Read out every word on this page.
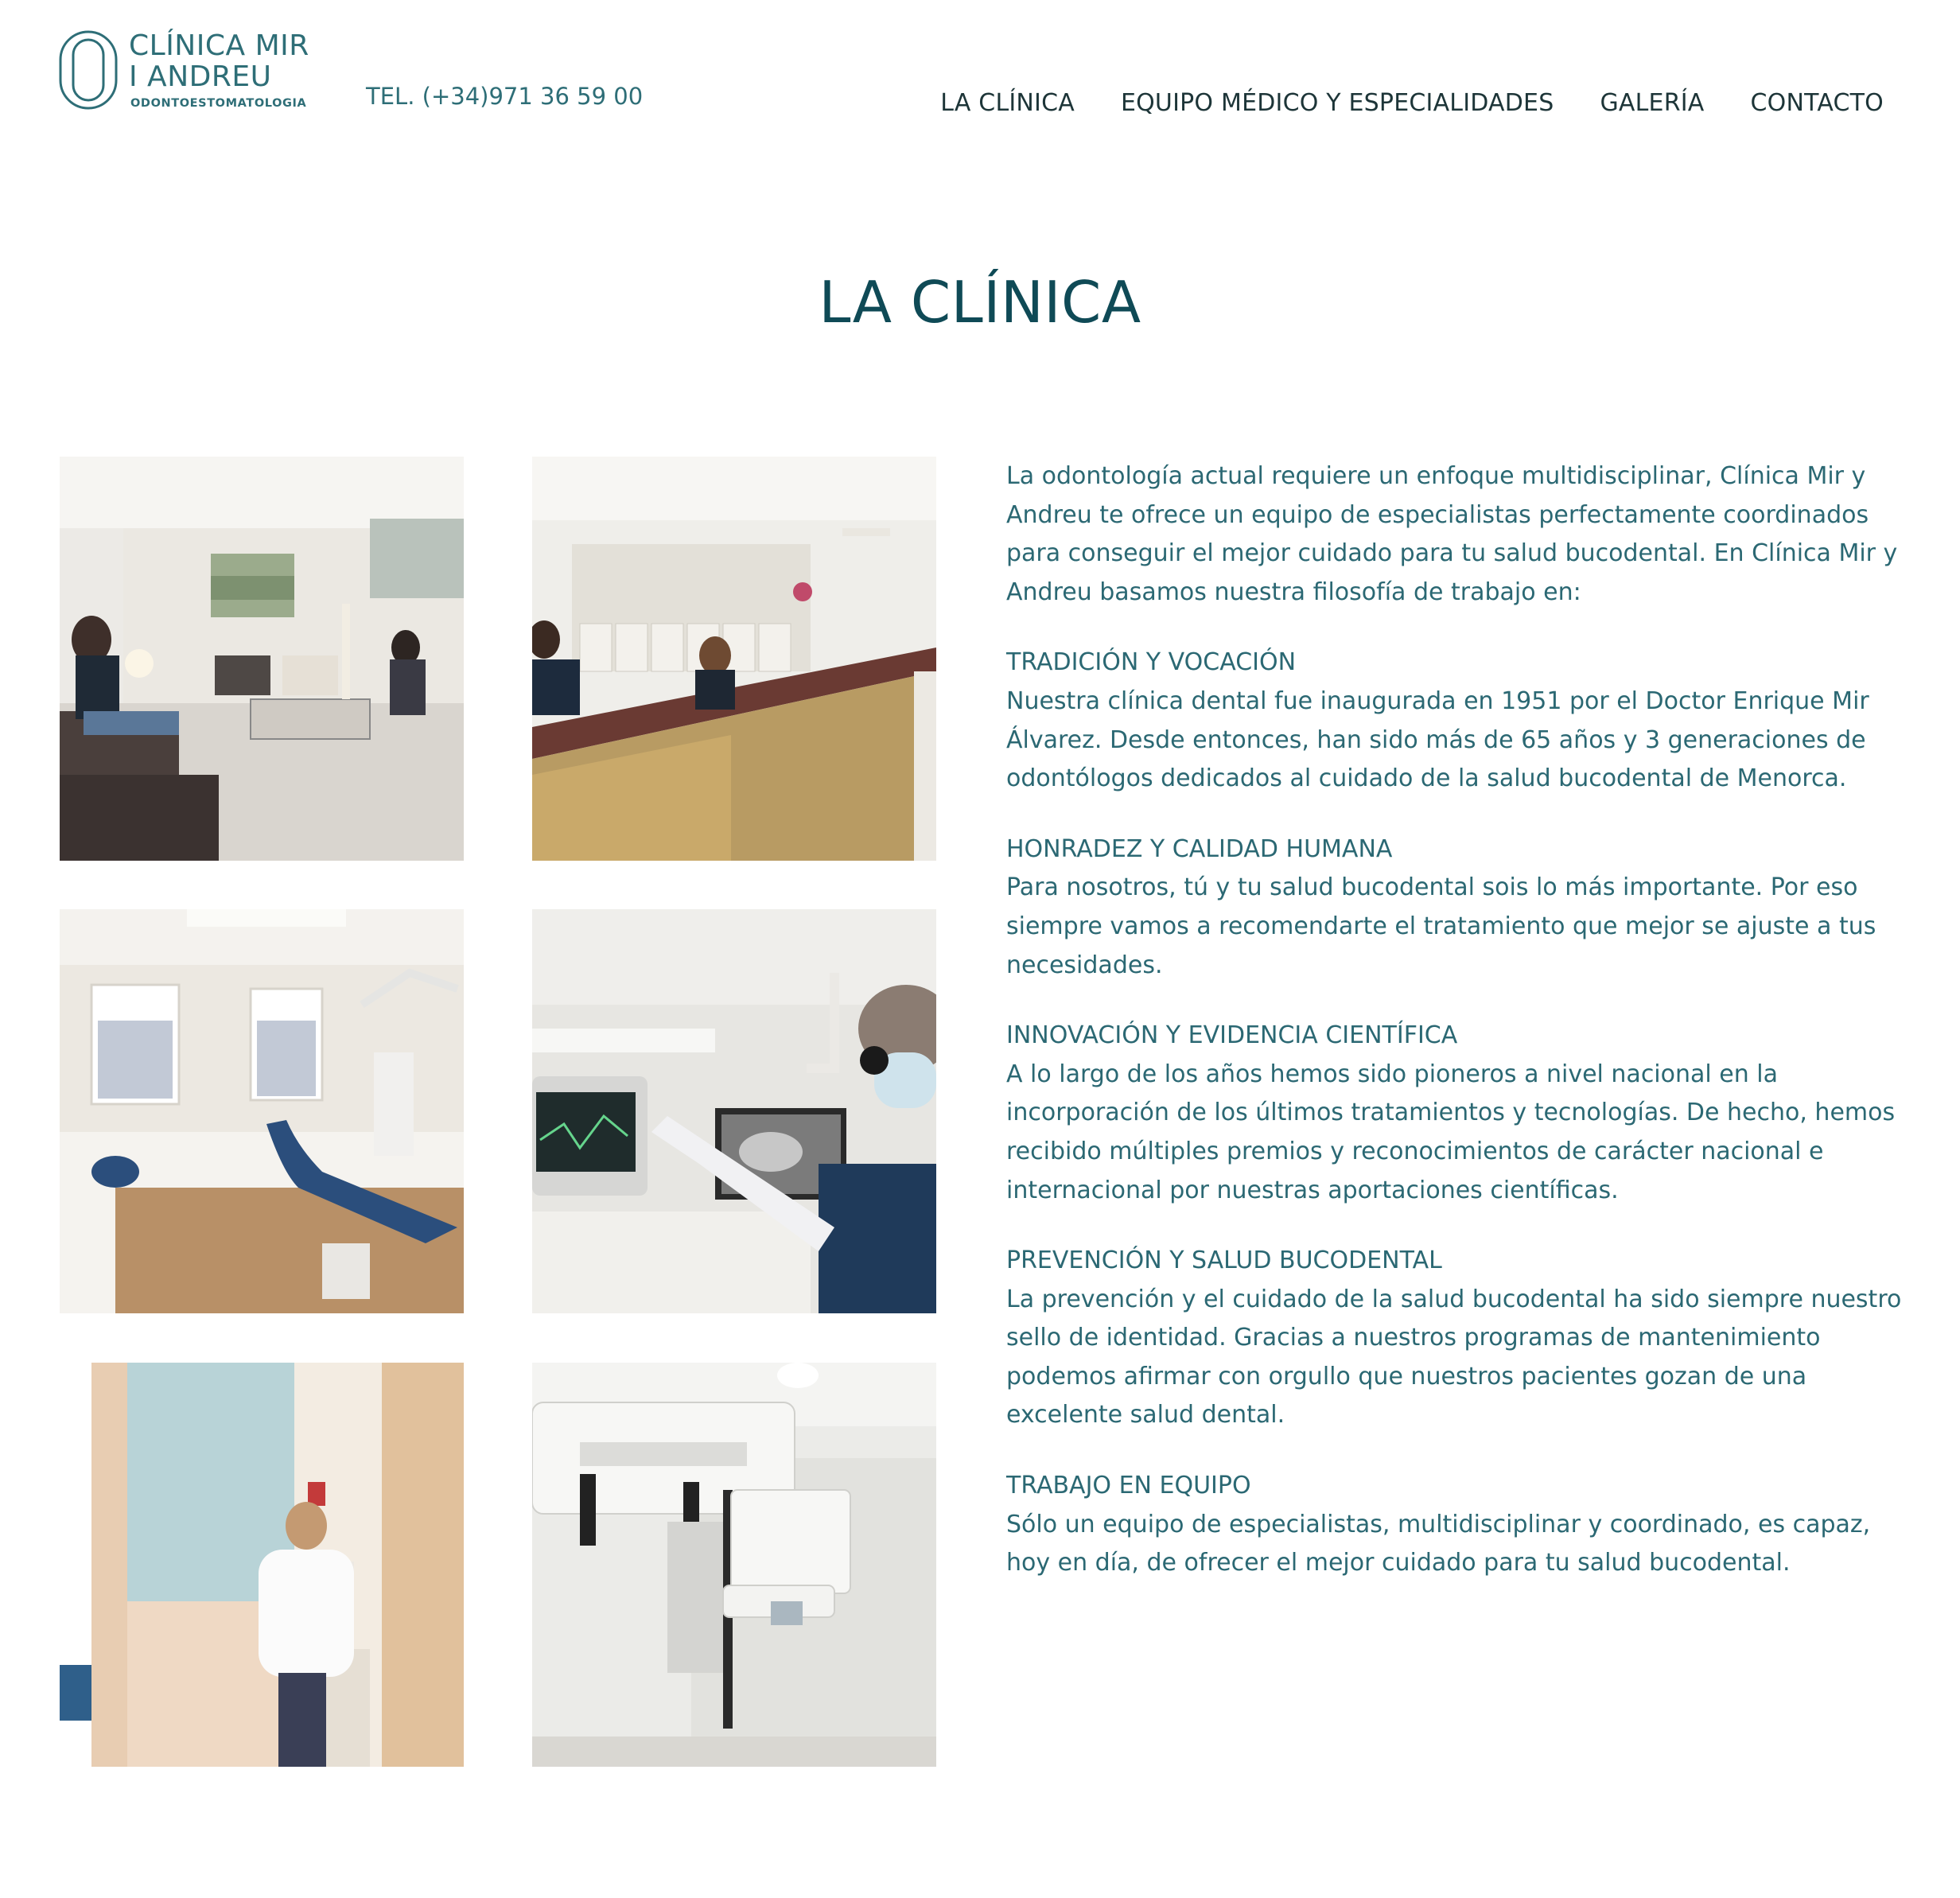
CLÍNICA MIR
I ANDREU
ODONTOESTOMATOLOGIA	TEL. (+34)971 36 59 00	LA CLÍNICA EQUIPO MÉDICO Y ESPECIALIDADES GALERÍA CONTACTO
LA CLÍNICA

La odontología actual requiere un enfoque multidisciplinar, Clínica Mir y Andreu te ofrece un equipo de especialistas perfectamente coordinados para conseguir el mejor cuidado para tu salud bucodental. En Clínica Mir y Andreu basamos nuestra filosofía de trabajo en:

TRADICIÓN Y VOCACIÓN
Nuestra clínica dental fue inaugurada en 1951 por el Doctor Enrique Mir Álvarez. Desde entonces, han sido más de 65 años y 3 generaciones de odontólogos dedicados al cuidado de la salud bucodental de Menorca.
HONRADEZ Y CALIDAD HUMANA
Para nosotros, tú y tu salud bucodental sois lo más importante. Por eso siempre vamos a recomendarte el tratamiento que mejor se ajuste a tus necesidades.
INNOVACIÓN Y EVIDENCIA CIENTÍFICA
A lo largo de los años hemos sido pioneros a nivel nacional en la incorporación de los últimos tratamientos y tecnologías. De hecho, hemos recibido múltiples premios y reconocimientos de carácter nacional e internacional por nuestras aportaciones científicas.
PREVENCIÓN Y SALUD BUCODENTAL
La prevención y el cuidado de la salud bucodental ha sido siempre nuestro sello de identidad. Gracias a nuestros programas de mantenimiento podemos afirmar con orgullo que nuestros pacientes gozan de una excelente salud dental.
TRABAJO EN EQUIPO
Sólo un equipo de especialistas, multidisciplinar y coordinado, es capaz, hoy en día, de ofrecer el mejor cuidado para tu salud bucodental.
